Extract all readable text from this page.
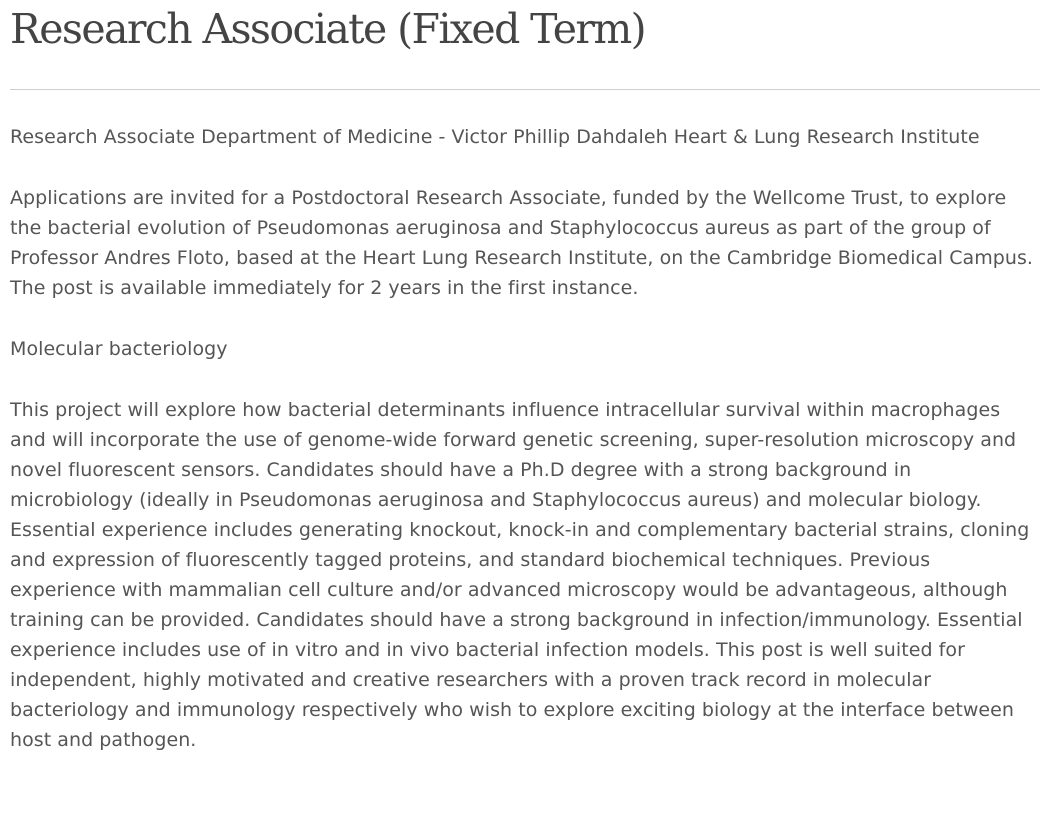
Research Associate (Fixed Term)

Research Associate Department of Medicine - Victor Phillip Dahdaleh Heart & Lung Research Institute

Applications are invited for a Postdoctoral Research Associate, funded by the Wellcome Trust, to explore the bacterial evolution of Pseudomonas aeruginosa and Staphylococcus aureus as part of the group of Professor Andres Floto, based at the Heart Lung Research Institute, on the Cambridge Biomedical Campus. The post is available immediately for 2 years in the first instance.

Molecular bacteriology

This project will explore how bacterial determinants influence intracellular survival within macrophages and will incorporate the use of genome-wide forward genetic screening, super-resolution microscopy and novel fluorescent sensors. Candidates should have a Ph.D degree with a strong background in microbiology (ideally in Pseudomonas aeruginosa and Staphylococcus aureus) and molecular biology. Essential experience includes generating knockout, knock-in and complementary bacterial strains, cloning and expression of fluorescently tagged proteins, and standard biochemical techniques. Previous experience with mammalian cell culture and/or advanced microscopy would be advantageous, although training can be provided. Candidates should have a strong background in infection/immunology. Essential experience includes use of in vitro and in vivo bacterial infection models. This post is well suited for independent, highly motivated and creative researchers with a proven track record in molecular bacteriology and immunology respectively who wish to explore exciting biology at the interface between host and pathogen.
